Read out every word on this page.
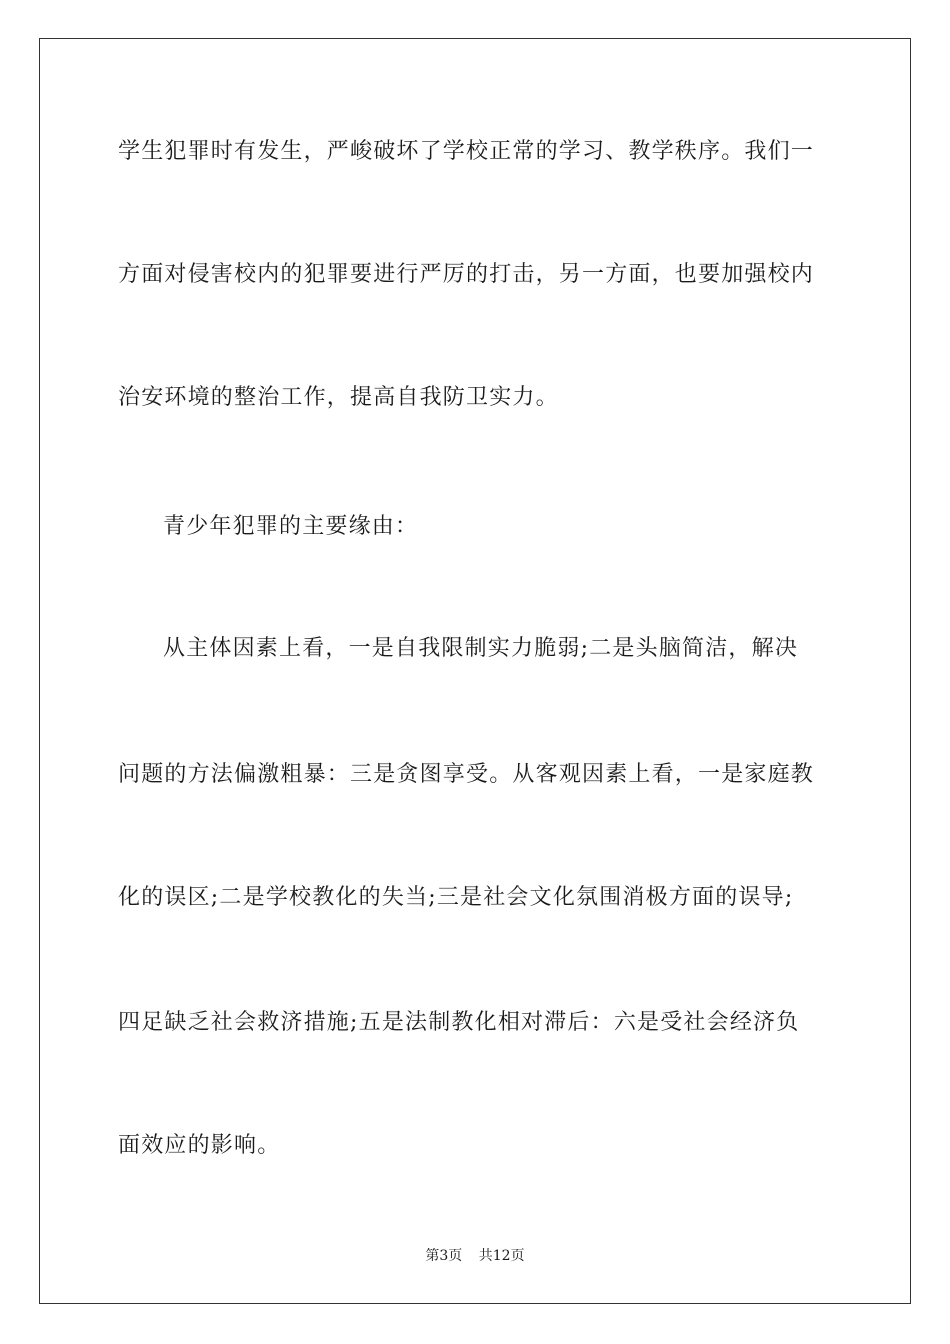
学生犯罪时有发生，严峻破坏了学校正常的学习、教学秩序。我们一
方面对侵害校内的犯罪要进行严厉的打击，另一方面，也要加强校内
治安环境的整治工作，提高自我防卫实力。
青少年犯罪的主要缘由：
从主体因素上看，一是自我限制实力脆弱;二是头脑简洁，解决
问题的方法偏激粗暴：三是贪图享受。从客观因素上看，一是家庭教
化的误区;二是学校教化的失当;三是社会文化氛围消极方面的误导;
四足缺乏社会救济措施;五是法制教化相对滞后：六是受社会经济负
面效应的影响。
第3页 共12页
